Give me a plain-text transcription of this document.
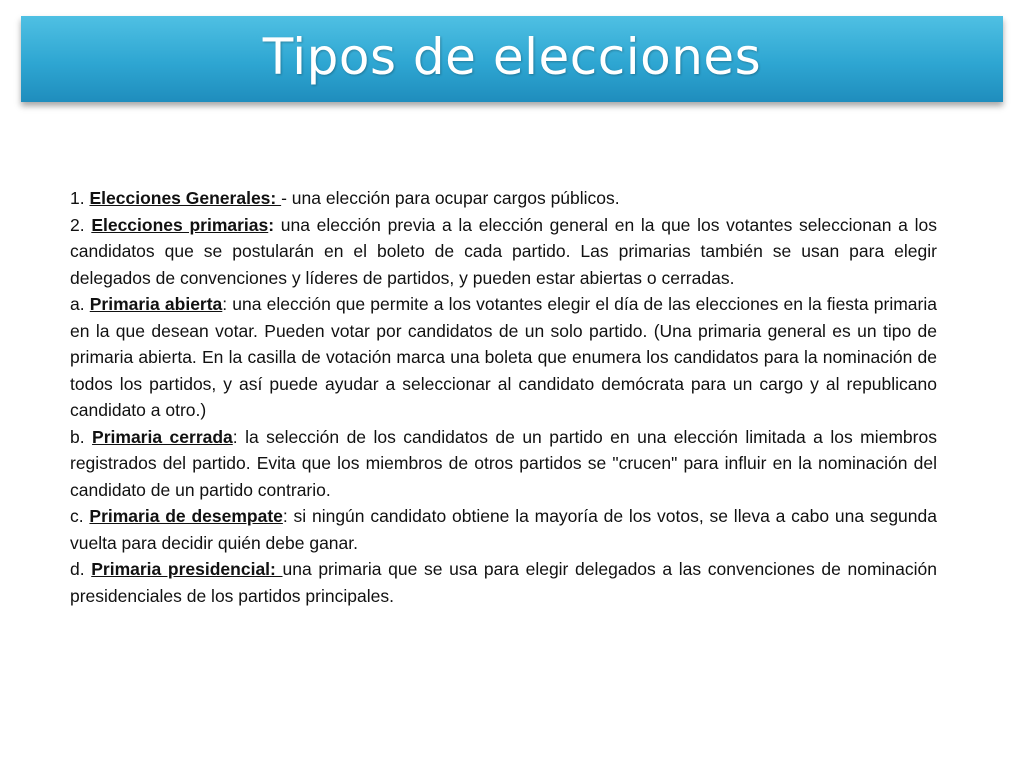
Tipos de elecciones

1. Elecciones Generales: - una elección para ocupar cargos públicos.

2. Elecciones primarias: una elección previa a la elección general en la que los votantes seleccionan a los candidatos que se postularán en el boleto de cada partido. Las primarias también se usan para elegir delegados de convenciones y líderes de partidos, y pueden estar abiertas o cerradas.

a. Primaria abierta: una elección que permite a los votantes elegir el día de las elecciones en la fiesta primaria en la que desean votar. Pueden votar por candidatos de un solo partido. (Una primaria general es un tipo de primaria abierta. En la casilla de votación marca una boleta que enumera los candidatos para la nominación de todos los partidos, y así puede ayudar a seleccionar al candidato demócrata para un cargo y al republicano candidato a otro.)

b. Primaria cerrada: la selección de los candidatos de un partido en una elección limitada a los miembros registrados del partido. Evita que los miembros de otros partidos se "crucen" para influir en la nominación del candidato de un partido contrario.

c. Primaria de desempate: si ningún candidato obtiene la mayoría de los votos, se lleva a cabo una segunda vuelta para decidir quién debe ganar.

d. Primaria presidencial: una primaria que se usa para elegir delegados a las convenciones de nominación presidenciales de los partidos principales.
